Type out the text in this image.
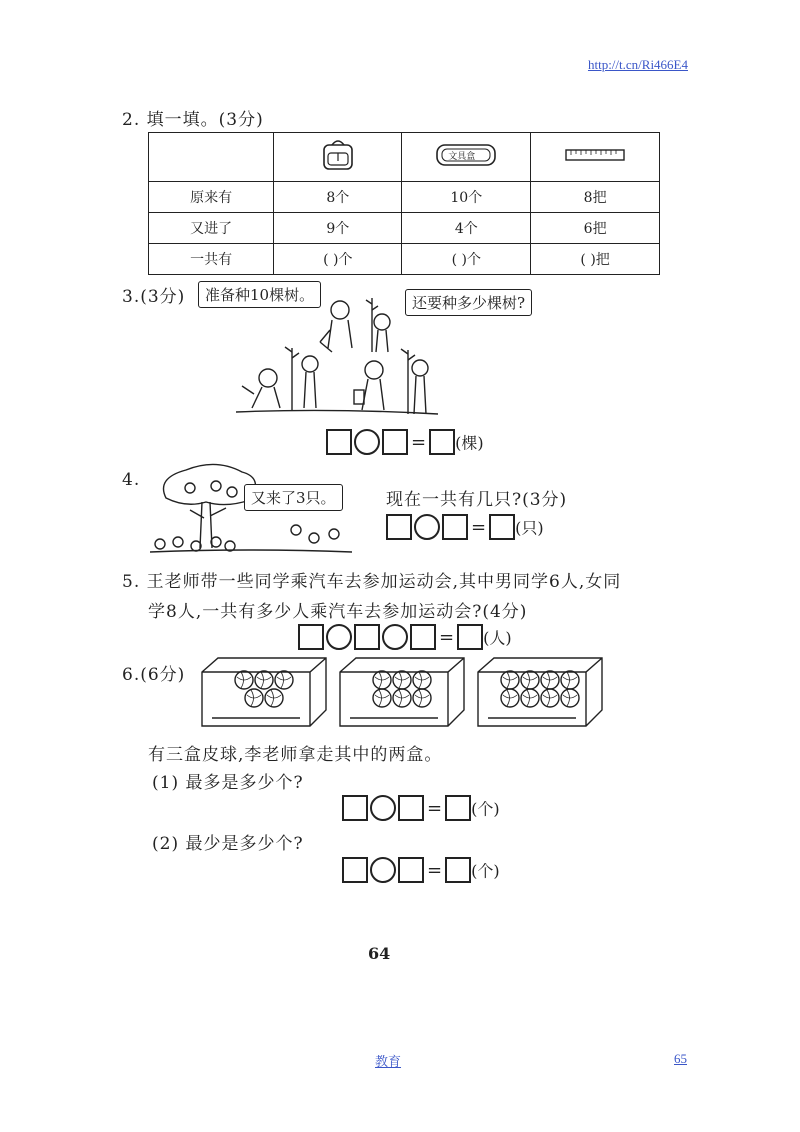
http://t.cn/Ri466E4
2. 填一填。(3分)

文具盒

原来有	8个	10个	8把
又进了	9个	4个	6把
一共有	( )个	( )个	( )把
3.(3分)	准备种10棵树。	还要种多少棵树?
= (棵)
4.
又来了3只。	现在一共有几只?(3分)
= (只)
5. 王老师带一些同学乘汽车去参加运动会,其中男同学6人,女同
学8人,一共有多少人乘汽车去参加运动会?(4分)
= (人)
6.(6分)
有三盒皮球,李老师拿走其中的两盒。
(1) 最多是多少个?
= (个)
(2) 最少是多少个?
= (个)
64
教育	65
